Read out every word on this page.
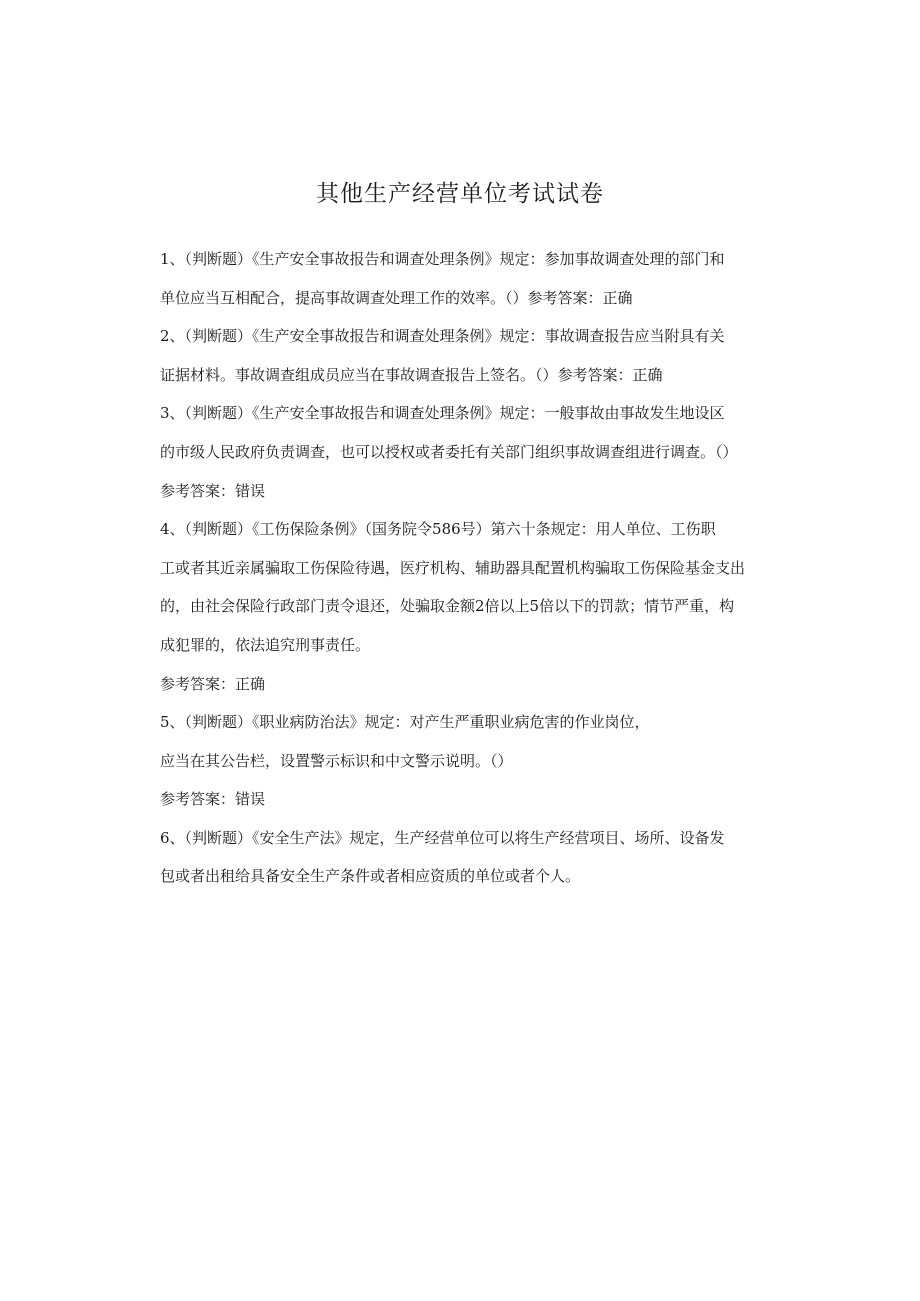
其他生产经营单位考试试卷
1、（判断题）《生产安全事故报告和调查处理条例》规定：参加事故调查处理的部门和
单位应当互相配合，提高事故调查处理工作的效率。（）参考答案：正确
2、（判断题）《生产安全事故报告和调查处理条例》规定：事故调查报告应当附具有关
证据材料。事故调查组成员应当在事故调查报告上签名。（）参考答案：正确
3、（判断题）《生产安全事故报告和调查处理条例》规定：一般事故由事故发生地设区
的市级人民政府负责调查，也可以授权或者委托有关部门组织事故调查组进行调查。（）
参考答案：错误
4、（判断题）《工伤保险条例》（国务院令586号）第六十条规定：用人单位、工伤职
工或者其近亲属骗取工伤保险待遇，医疗机构、辅助器具配置机构骗取工伤保险基金支出
的，由社会保险行政部门责令退还，处骗取金额2倍以上5倍以下的罚款；情节严重，构
成犯罪的，依法追究刑事责任。
参考答案：正确
5、（判断题）《职业病防治法》规定：对产生严重职业病危害的作业岗位，
应当在其公告栏，设置警示标识和中文警示说明。（）
参考答案：错误
6、（判断题）《安全生产法》规定，生产经营单位可以将生产经营项目、场所、设备发
包或者出租给具备安全生产条件或者相应资质的单位或者个人。
